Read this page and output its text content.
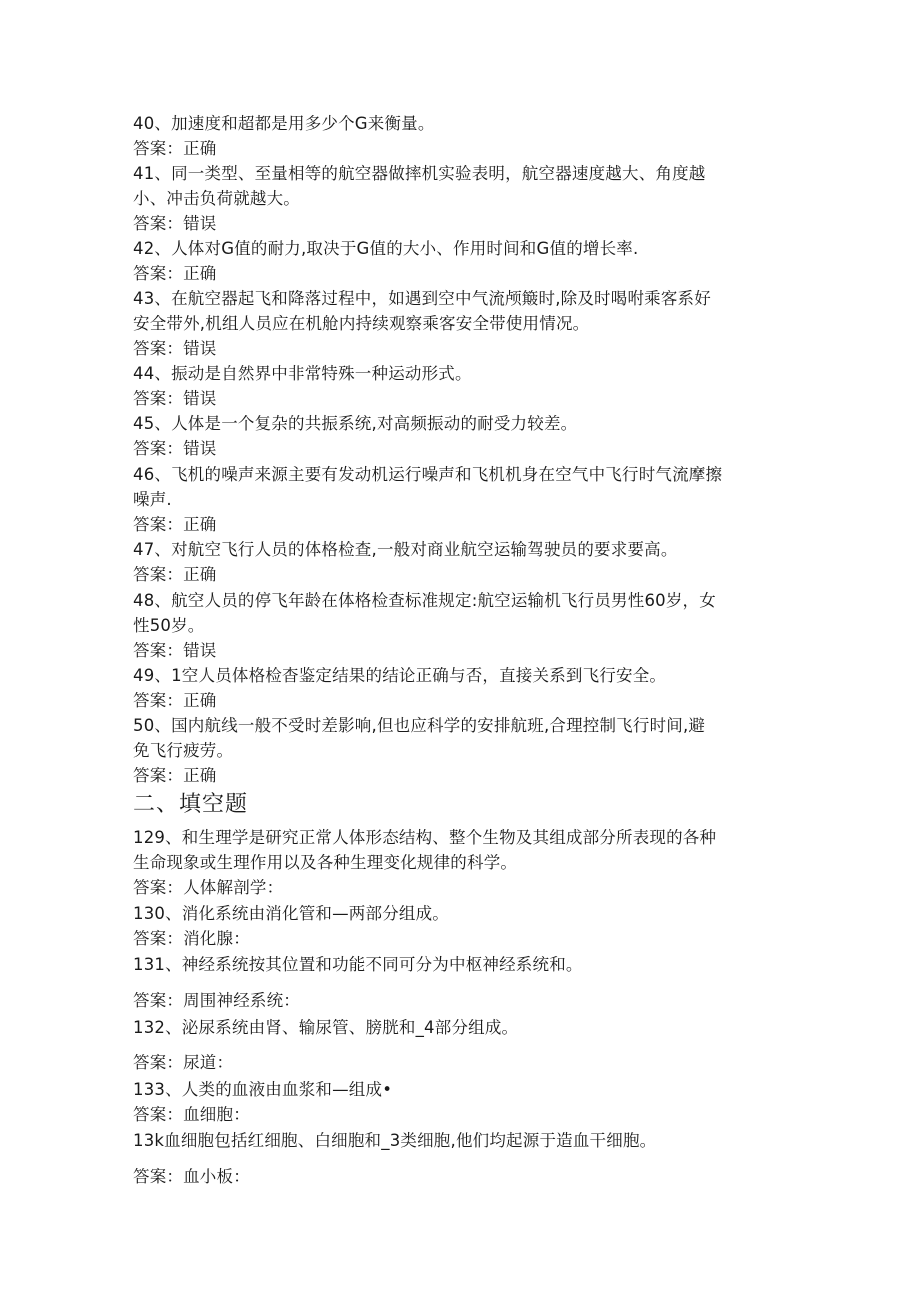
40、加速度和超都是用多少个G来衡量。
答案：正确
41、同一类型、至量相等的航空器做摔机实验表明，航空器速度越大、角度越
小、冲击负荷就越大。
答案：错误
42、人体对G值的耐力,取决于G值的大小、作用时间和G值的增长率.
答案：正确
43、在航空器起飞和降落过程中，如遇到空中气流颅簸时,除及时喝咐乘客系好
安全带外,机组人员应在机舱内持续观察乘客安全带使用情况。
答案：错误
44、振动是自然界中非常特殊一种运动形式。
答案：错误
45、人体是一个复杂的共振系统,对高频振动的耐受力较差。
答案：错误
46、飞机的噪声来源主要有发动机运行噪声和飞机机身在空气中飞行时气流摩擦
噪声.
答案：正确
47、对航空飞行人员的体格检查,一般对商业航空运输驾驶员的要求要高。
答案：正确
48、航空人员的停飞年龄在体格检查标准规定:航空运输机飞行员男性60岁，女
性50岁。
答案：错误
49、1空人员体格检杳鉴定结果的结论正确与否，直接关系到飞行安全。
答案：正确
50、国内航线一般不受时差影响,但也应科学的安排航班,合理控制飞行时间,避
免飞行疲劳。
答案：正确
二、填空题
129、和生理学是研究正常人体形态结构、整个生物及其组成部分所表现的各种
生命现象或生理作用以及各种生理变化规律的科学。
答案：人体解剖学：
130、消化系统由消化管和—两部分组成。
答案：消化腺：
131、神经系统按其位置和功能不同可分为中枢神经系统和。
答案：周围神经系统：
132、泌尿系统由肾、输尿管、膀胱和_4部分组成。
答案：尿道：
133、人类的血液由血浆和—组成•
答案：血细胞：
13k血细胞包括红细胞、白细胞和_3类细胞,他们均起源于造血干细胞。
答案：血小板：
